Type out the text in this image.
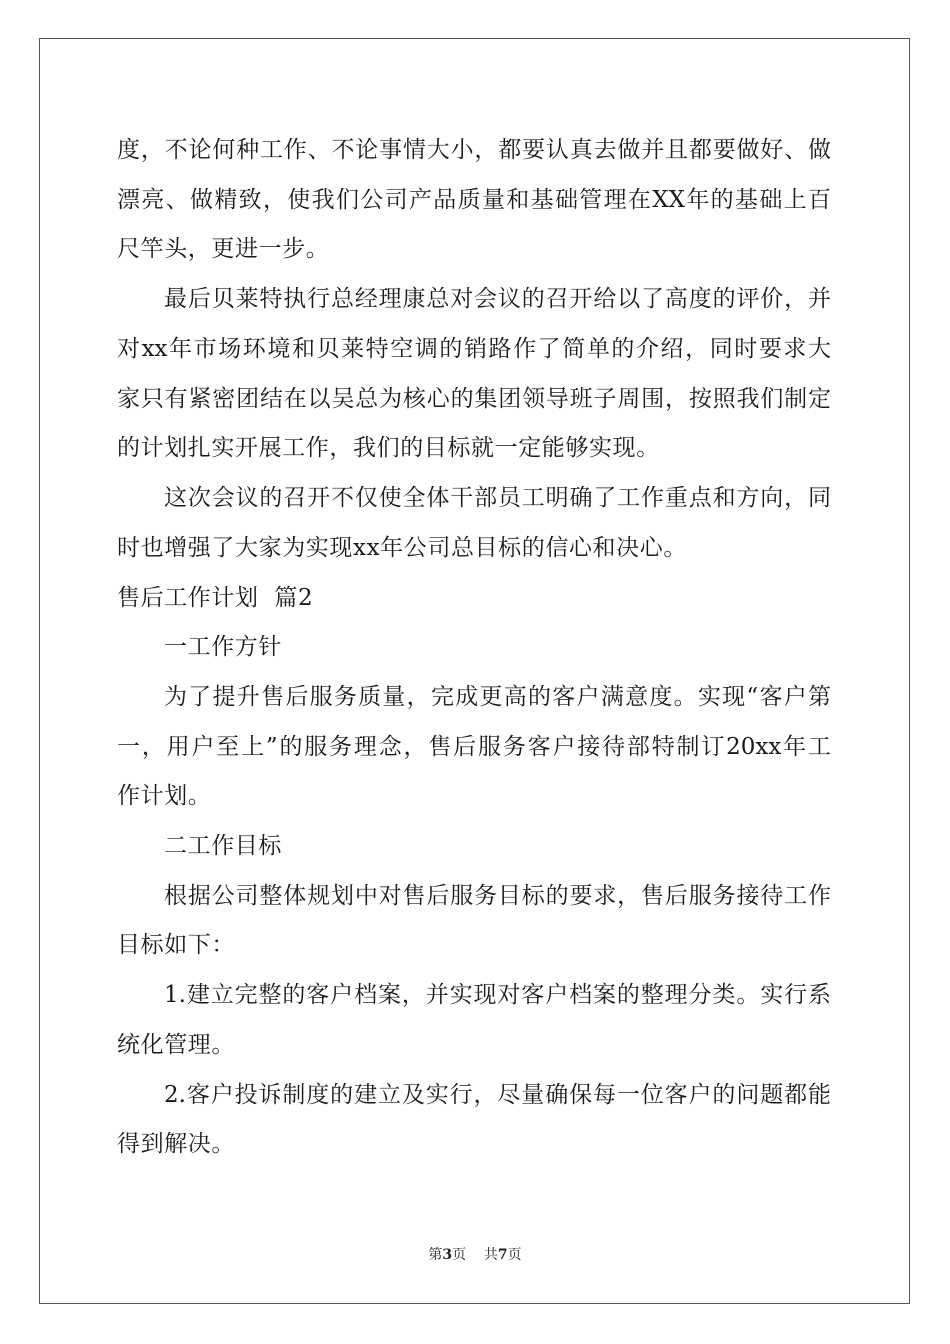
度，不论何种工作、不论事情大小，都要认真去做并且都要做好、做
漂亮、做精致，使我们公司产品质量和基础管理在XX年的基础上百
尺竿头，更进一步。
最后贝莱特执行总经理康总对会议的召开给以了高度的评价，并
对xx年市场环境和贝莱特空调的销路作了简单的介绍，同时要求大
家只有紧密团结在以吴总为核心的集团领导班子周围，按照我们制定
的计划扎实开展工作，我们的目标就一定能够实现。
这次会议的召开不仅使全体干部员工明确了工作重点和方向，同
时也增强了大家为实现xx年公司总目标的信心和决心。
售后工作计划  篇2
一工作方针
为了提升售后服务质量，完成更高的客户满意度。实现“客户第
一，用户至上”的服务理念，售后服务客户接待部特制订20xx年工
作计划。
二工作目标
根据公司整体规划中对售后服务目标的要求，售后服务接待工作
目标如下：
1.建立完整的客户档案，并实现对客户档案的整理分类。实行系
统化管理。
2.客户投诉制度的建立及实行，尽量确保每一位客户的问题都能
得到解决。
第3页    共7页
